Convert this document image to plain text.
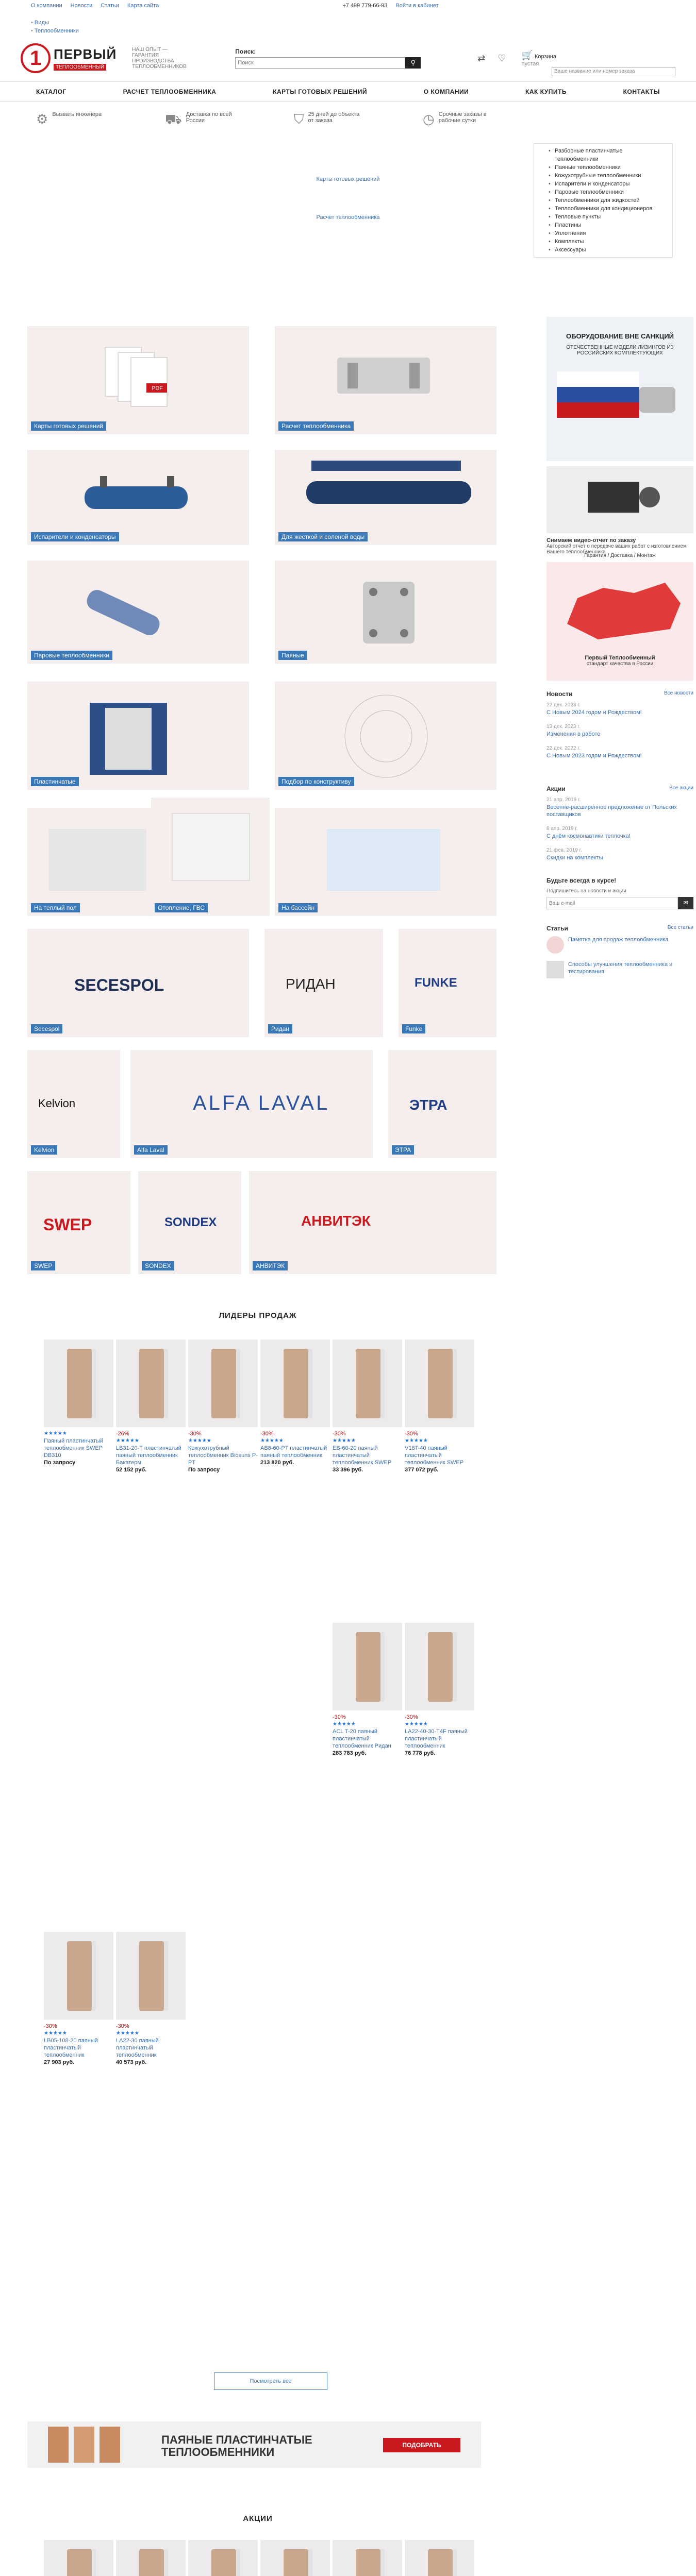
О компании Новости Статьи Карта сайта	+7 499 779-66-93 Войти в кабинет
• Виды
• Теплообменники
1 ПЕРВЫЙ
ТЕПЛООБМЕННЫЙ
НАШ ОПЫТ — ГАРАНТИЯ ПРОИЗВОДСТВА ТЕПЛООБМЕННИКОВ
Поиск:
Поиск
⚲	⇄ ♡ 🛒 Корзина
пустая
Ваше название или номер заказа
КАТАЛОГ	РАСЧЕТ ТЕПЛООБМЕННИКА	КАРТЫ ГОТОВЫХ РЕШЕНИЙ	О КОМПАНИИ	КАК КУПИТЬ	КОНТАКТЫ
• Разборные пластинчатые теплообменники
• Паяные теплообменники
• Кожухотрубные теплообменники
• Испарители и конденсаторы
• Паровые теплообменники
• Теплообменники для жидкостей
• Теплообменники для кондиционеров
• Тепловые пункты
• Пластины
• Уплотнения
• Комплекты
• Аксессуары
⚙ Вызвать инженера	⛟ Доставка по всей России	⛉ 25 дней до объекта от заказа	◷ Срочные заказы в рабочие сутки
Карты готовых решений
Расчет теплообменника
PDF
Карты готовых решений	Расчет теплообменника
Испарители и конденсаторы	Для жесткой и соленой воды
Паровые теплообменники	Паяные
Пластинчатые	Подбор по конструктиву
На теплый пол	Отопление, ГВС	На бассейн
SECESPOL
Secespol
РИДАН
Ридан
FUNKE
Funke
Kelvion
Kelvion
ALFA LAVAL
Alfa Laval
ЭТРА
ЭТРА
SWEP
SWEP
SONDEX
SONDEX
АНВИТЭК
АНВИТЭК
ОБОРУДОВАНИЕ ВНЕ САНКЦИЙ
ОТЕЧЕСТВЕННЫЕ МОДЕЛИ ЛИЗИНГОВ ИЗ РОССИЙСКИХ КОМПЛЕКТУЮЩИХ
Снимаем видео-отчет по заказу
Авторский отчет о передаче ваших работ с изготовлением Вашего теплообменника
Первый Теплообменный
стандарт качества в России
Гарантия / Доставка / Монтаж
Новости	Все новости
22 дек. 2023 г.
С Новым 2024 годом и Рождеством!
13 дек. 2023 г.
Изменения в работе
22 дек. 2022 г.
С Новым 2023 годом и Рождеством!
Акции	Все акции
21 апр. 2019 г.
Весенне-расширенное предложение от Польских поставщиков
8 апр. 2019 г.
С днём космонавтики теплочка!
21 фев. 2019 г.
Скидки на комплекты
Будьте всегда в курсе!
Подпишитесь на новости и акции
Ваш e-mail
✉
Статьи	Все статьи
Памятка для продаж теплообменника
Способы улучшения теплообменника и тестирования
ЛИДЕРЫ ПРОДАЖ
★★★★★
Паяный пластинчатый теплообменник SWEP DB310
По запросу
-26%
★★★★★
LB31-20-T пластинчатый паяный теплообменник Бакатерм
52 152 руб.
-30%
★★★★★
Кожухотрубный теплообменник Biosuns P-PT
По запросу
-30%
★★★★★
AB8-60-PT пластинчатый паяный теплообменник
213 820 руб.
-30%
★★★★★
EB-60-20 паяный пластинчатый теплообменник SWEP
33 396 руб.
-30%
★★★★★
V18T-40 паяный пластинчатый теплообменник SWEP
377 072 руб.
-30%
★★★★★
ACL T-20 паяный пластинчатый теплообменник Ридан
283 783 руб.
-30%
★★★★★
LA22-40-30-T4F паяный пластинчатый теплообменник
76 778 руб.
-30%
★★★★★
LB05-108-20 паяный пластинчатый теплообменник
27 903 руб.
-30%
★★★★★
LA22-30 паяный пластинчатый теплообменник
40 573 руб.
Посмотреть все
ПАЯНЫЕ ПЛАСТИНЧАТЫЕ
ТЕПЛООБМЕННИКИ
ПОДОБРАТЬ
АКЦИИ
